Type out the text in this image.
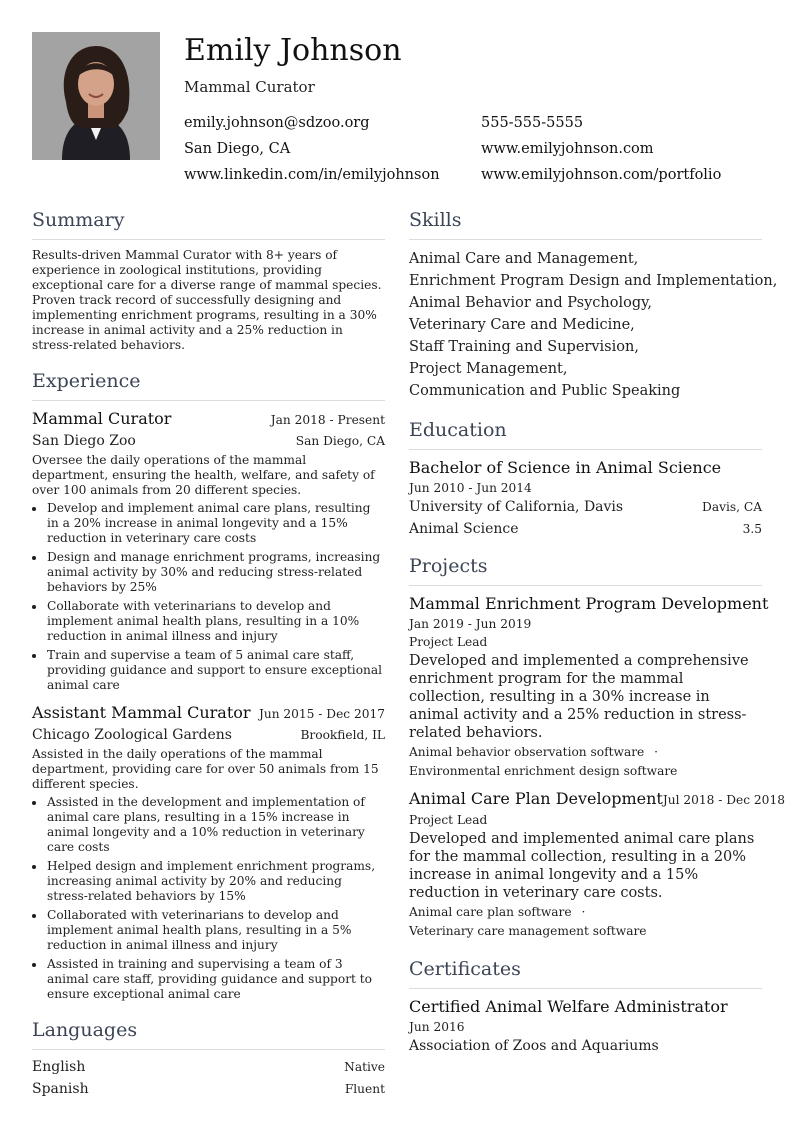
Emily Johnson
Mammal Curator
emily.johnson@sdzoo.org	555-555-5555
San Diego, CA	www.emilyjohnson.com
www.linkedin.com/in/emilyjohnson	www.emilyjohnson.com/portfolio
Summary
Results-driven Mammal Curator with 8+ years of experience in zoological institutions, providing exceptional care for a diverse range of mammal species. Proven track record of successfully designing and implementing enrichment programs, resulting in a 30% increase in animal activity and a 25% reduction in stress-related behaviors.
Experience
Mammal Curator	Jan 2018 - Present
San Diego Zoo	San Diego, CA
Oversee the daily operations of the mammal department, ensuring the health, welfare, and safety of over 100 animals from 20 different species.
• Develop and implement animal care plans, resulting in a 20% increase in animal longevity and a 15% reduction in veterinary care costs
• Design and manage enrichment programs, increasing animal activity by 30% and reducing stress-related behaviors by 25%
• Collaborate with veterinarians to develop and implement animal health plans, resulting in a 10% reduction in animal illness and injury
• Train and supervise a team of 5 animal care staff, providing guidance and support to ensure exceptional animal care
Assistant Mammal Curator Jun 2015 - Dec 2017
Chicago Zoological Gardens	Brookfield, IL
Assisted in the daily operations of the mammal department, providing care for over 50 animals from 15 different species.
• Assisted in the development and implementation of animal care plans, resulting in a 15% increase in animal longevity and a 10% reduction in veterinary care costs
• Helped design and implement enrichment programs, increasing animal activity by 20% and reducing stress-related behaviors by 15%
• Collaborated with veterinarians to develop and implement animal health plans, resulting in a 5% reduction in animal illness and injury
• Assisted in training and supervising a team of 3 animal care staff, providing guidance and support to ensure exceptional animal care
Languages
English	Native
Spanish	Fluent
Skills
Animal Care and Management,
Enrichment Program Design and Implementation,
Animal Behavior and Psychology,
Veterinary Care and Medicine,
Staff Training and Supervision,
Project Management,
Communication and Public Speaking
Education
Bachelor of Science in Animal Science
Jun 2010 - Jun 2014
University of California, Davis	Davis, CA
Animal Science	3.5
Projects
Mammal Enrichment Program Development
Jan 2019 - Jun 2019
Project Lead
Developed and implemented a comprehensive enrichment program for the mammal collection, resulting in a 30% increase in animal activity and a 25% reduction in stress-related behaviors.
Animal behavior observation software ·
Environmental enrichment design software
Animal Care Plan Development Jul 2018 - Dec 2018
Project Lead
Developed and implemented animal care plans for the mammal collection, resulting in a 20% increase in animal longevity and a 15% reduction in veterinary care costs.
Animal care plan software ·
Veterinary care management software
Certificates
Certified Animal Welfare Administrator
Jun 2016
Association of Zoos and Aquariums
